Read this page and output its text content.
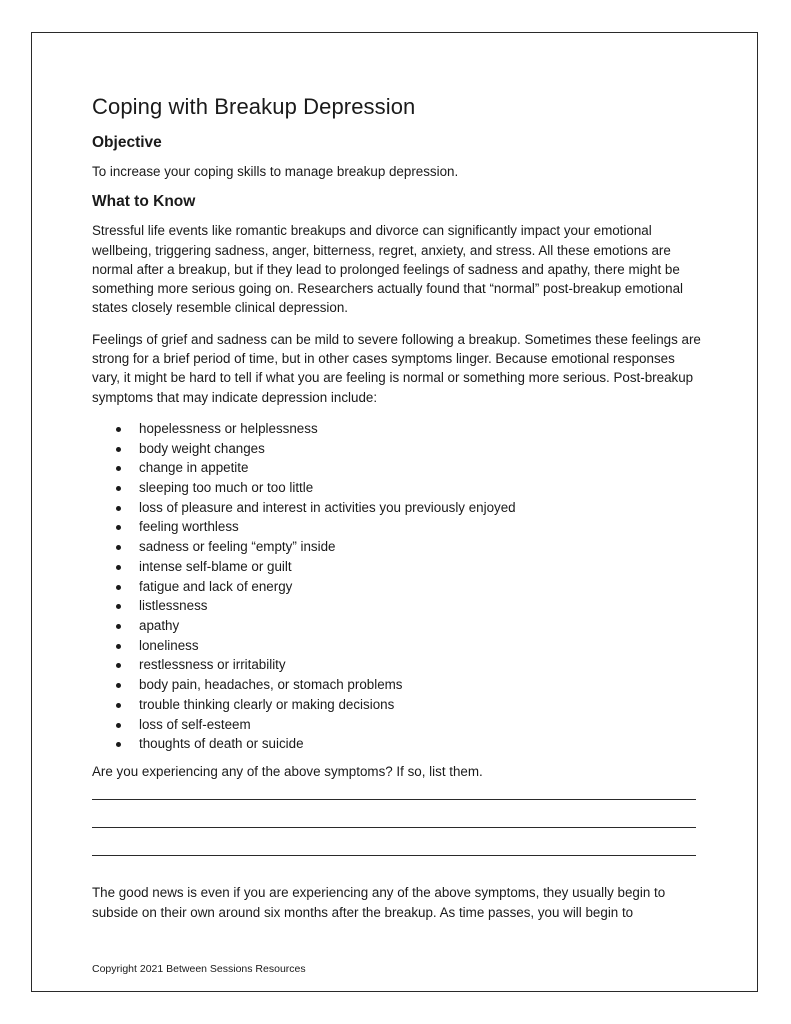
Coping with Breakup Depression
Objective

To increase your coping skills to manage breakup depression.

What to Know

Stressful life events like romantic breakups and divorce can significantly impact your emotional wellbeing, triggering sadness, anger, bitterness, regret, anxiety, and stress. All these emotions are normal after a breakup, but if they lead to prolonged feelings of sadness and apathy, there might be something more serious going on. Researchers actually found that “normal” post-breakup emotional states closely resemble clinical depression.

Feelings of grief and sadness can be mild to severe following a breakup. Sometimes these feelings are strong for a brief period of time, but in other cases symptoms linger. Because emotional responses vary, it might be hard to tell if what you are feeling is normal or something more serious. Post-breakup symptoms that may indicate depression include:

hopelessness or helplessness
body weight changes
change in appetite
sleeping too much or too little
loss of pleasure and interest in activities you previously enjoyed
feeling worthless
sadness or feeling “empty” inside
intense self-blame or guilt
fatigue and lack of energy
listlessness
apathy
loneliness
restlessness or irritability
body pain, headaches, or stomach problems
trouble thinking clearly or making decisions
loss of self-esteem
thoughts of death or suicide

Are you experiencing any of the above symptoms? If so, list them.

The good news is even if you are experiencing any of the above symptoms, they usually begin to subside on their own around six months after the breakup. As time passes, you will begin to

Copyright 2021 Between Sessions Resources
